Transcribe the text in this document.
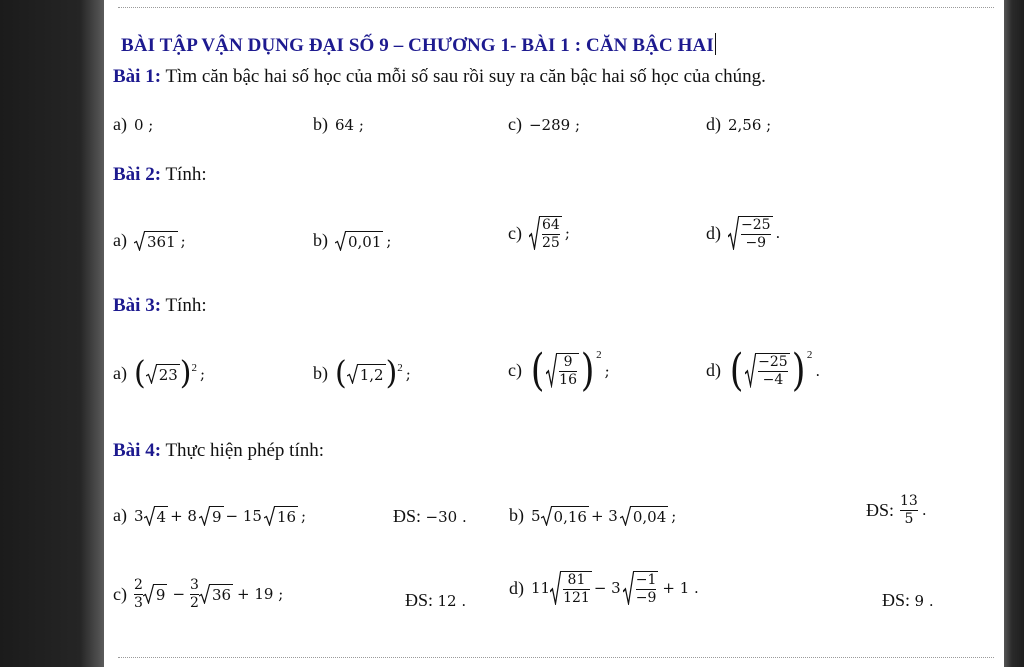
BÀI TẬP VẬN DỤNG ĐẠI SỐ 9 – CHƯƠNG 1- BÀI 1 : CĂN BẬC HAI
Bài 1: Tìm căn bậc hai số học của mỗi số sau rồi suy ra căn bậc hai số học của chúng.
a) 0 ;	b) 64 ;	c) −289 ;	d) 2,56 ;
Bài 2: Tính:
a) 361 ;	b) 0,01 ;	$c) \frac{64}{25}$ ;	$d) \frac{-25}{-9}$ .
Bài 3: Tính:
a) ( 23 )$^2$ ;	b) ( 1,2 )$^2$ ;	c) ( $\frac{9}{16} )^2$
;	d) ( $\frac{-25}{-4} )^2$
.
Bài 4: Thực hiện phép tính:
a) 3 4 + 8 9 − 15 16 ;	ĐS: −30 . b) 5 0,16 + 3 0,04 ;	ĐS: $\frac{13}{5}$ .
$c) \frac{2}{3} 9 - \frac{3}{2} 36 + 19$ ;	ĐS: 12 .
d) $11 \frac{81}{121} - 3 \frac{-1}{-9} + 1$ .
ĐS: 9 .
